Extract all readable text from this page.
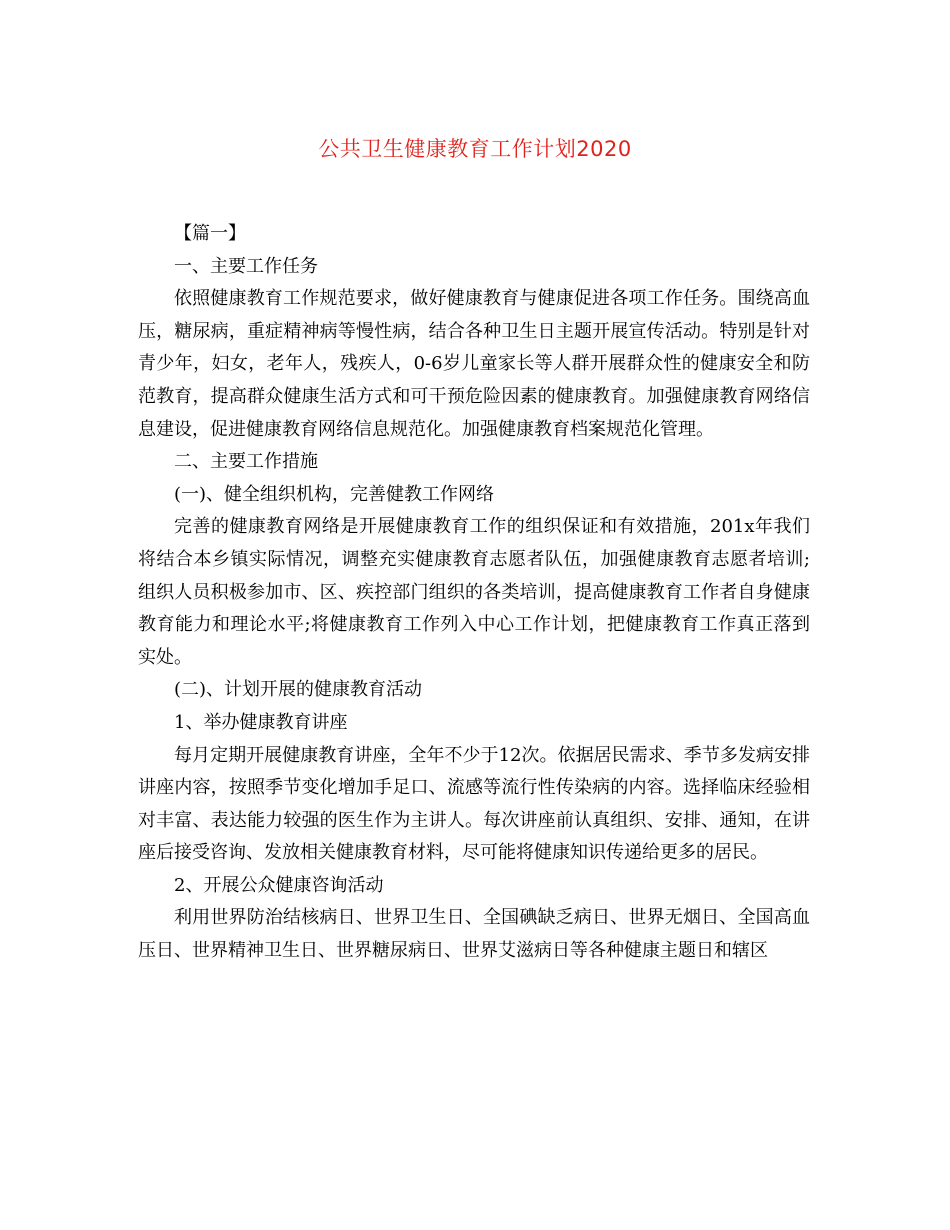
公共卫生健康教育工作计划2020

【篇一】

一、主要工作任务

依照健康教育工作规范要求，做好健康教育与健康促进各项工作任务。围绕高血压，糖尿病，重症精神病等慢性病，结合各种卫生日主题开展宣传活动。特别是针对青少年，妇女，老年人，残疾人，0-6岁儿童家长等人群开展群众性的健康安全和防范教育，提高群众健康生活方式和可干预危险因素的健康教育。加强健康教育网络信息建设，促进健康教育网络信息规范化。加强健康教育档案规范化管理。

二、主要工作措施

(一)、健全组织机构，完善健教工作网络

完善的健康教育网络是开展健康教育工作的组织保证和有效措施，201x年我们将结合本乡镇实际情况，调整充实健康教育志愿者队伍，加强健康教育志愿者培训;组织人员积极参加市、区、疾控部门组织的各类培训，提高健康教育工作者自身健康教育能力和理论水平;将健康教育工作列入中心工作计划，把健康教育工作真正落到实处。

(二)、计划开展的健康教育活动

1、举办健康教育讲座

每月定期开展健康教育讲座，全年不少于12次。依据居民需求、季节多发病安排讲座内容，按照季节变化增加手足口、流感等流行性传染病的内容。选择临床经验相对丰富、表达能力较强的医生作为主讲人。每次讲座前认真组织、安排、通知，在讲座后接受咨询、发放相关健康教育材料，尽可能将健康知识传递给更多的居民。

2、开展公众健康咨询活动

利用世界防治结核病日、世界卫生日、全国碘缺乏病日、世界无烟日、全国高血压日、世界精神卫生日、世界糖尿病日、世界艾滋病日等各种健康主题日和辖区
